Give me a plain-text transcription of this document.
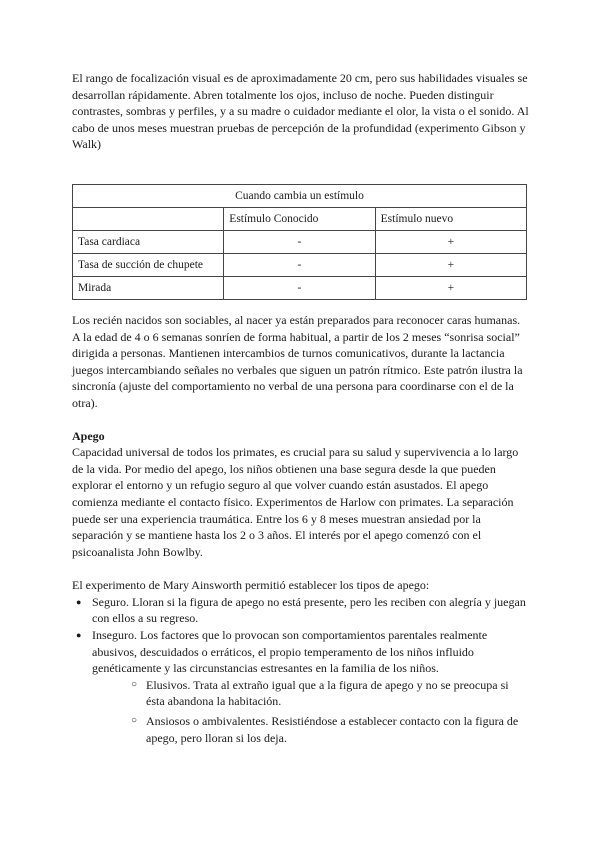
El rango de focalización visual es de aproximadamente 20 cm, pero sus habilidades visuales se desarrollan rápidamente. Abren totalmente los ojos, incluso de noche. Pueden distinguir contrastes, sombras y perfiles, y a su madre o cuidador mediante el olor, la vista o el sonido. Al cabo de unos meses muestran pruebas de percepción de la profundidad (experimento Gibson y Walk)

Cuando cambia un estímulo		
	Estímulo Conocido	Estímulo nuevo
Tasa cardiaca	-	+
Tasa de succión de chupete	-	+
Mirada	-	+

Los recién nacidos son sociables, al nacer ya están preparados para reconocer caras humanas. A la edad de 4 o 6 semanas sonríen de forma habitual, a partir de los 2 meses “sonrisa social” dirigida a personas. Mantienen intercambios de turnos comunicativos, durante la lactancia juegos intercambiando señales no verbales que siguen un patrón rítmico. Este patrón ilustra la sincronía (ajuste del comportamiento no verbal de una persona para coordinarse con el de la otra).

Apego

Capacidad universal de todos los primates, es crucial para su salud y supervivencia a lo largo de la vida. Por medio del apego, los niños obtienen una base segura desde la que pueden explorar el entorno y un refugio seguro al que volver cuando están asustados. El apego comienza mediante el contacto físico. Experimentos de Harlow con primates. La separación puede ser una experiencia traumática. Entre los 6 y 8 meses muestran ansiedad por la separación y se mantiene hasta los 2 o 3 años. El interés por el apego comenzó con el psicoanalista John Bowlby.

El experimento de Mary Ainsworth permitió establecer los tipos de apego:

● Seguro. Lloran si la figura de apego no está presente, pero les reciben con alegría y juegan con ellos a su regreso.
● Inseguro. Los factores que lo provocan son comportamientos parentales realmente abusivos, descuidados o erráticos, el propio temperamento de los niños influido genéticamente y las circunstancias estresantes en la familia de los niños.
○ Elusivos. Trata al extraño igual que a la figura de apego y no se preocupa si ésta abandona la habitación.
○ Ansiosos o ambivalentes. Resistiéndose a establecer contacto con la figura de apego, pero lloran si los deja.
